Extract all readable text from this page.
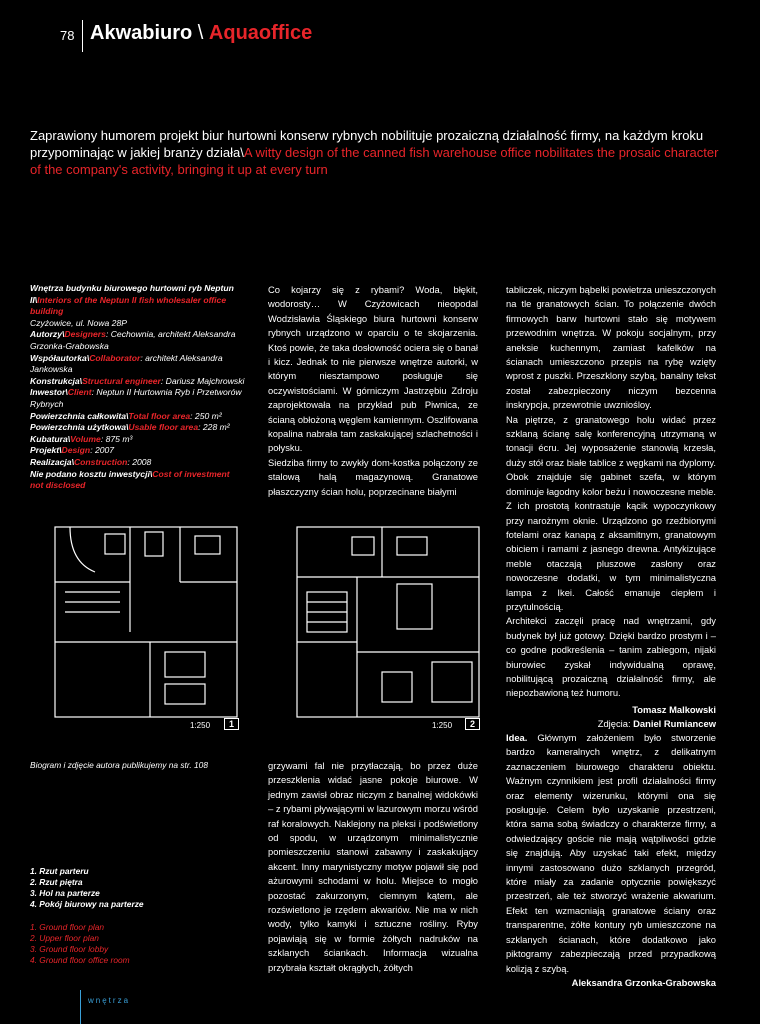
78 Akwabiuro \ Aquaoffice
Zaprawiony humorem projekt biur hurtowni konserw rybnych nobilituje prozaiczną działalność firmy, na każdym kroku przypominając w jakiej branży działa\A witty design of the canned fish warehouse office nobilitates the prosaic character of the company's activity, bringing it up at every turn
Wnętrza budynku biurowego hurtowni ryb Neptun II\Interiors of the Neptun II fish wholesaler office building
Czyżowice, ul. Nowa 28P
Autorzy\Designers: Cechownia, architekt Aleksandra Grzonka-Grabowska
Współautorka\Collaborator: architekt Aleksandra Jankowska
Konstrukcja\Structural engineer: Dariusz Majchrowski
Inwestor\Client: Neptun II Hurtownia Ryb i Przetworów Rybnych
Powierzchnia całkowita\Total floor area: 250 m²
Powierzchnia użytkowa\Usable floor area: 228 m²
Kubatura\Volume: 875 m³
Projekt\Design: 2007
Realizacja\Construction: 2008
Nie podano kosztu inwestycji\Cost of investment not disclosed

Co kojarzy się z rybami? Woda, błękit, wodorosty… W Czyżowicach nieopodal Wodzisławia Śląskiego biura hurtowni konserw rybnych urządzono w oparciu o te skojarzenia. Ktoś powie, że taka dosłowność ociera się o banał i kicz. Jednak to nie pierwsze wnętrze autorki, w którym niesztampowo posługuje się oczywistościami. W górniczym Jastrzębiu Zdroju zaprojektowała na przykład pub Piwnica, ze ścianą obłożoną węglem kamiennym. Oszlifowana kopalina nabrała tam zaskakującej szlachetności i połysku.

Siedziba firmy to zwykły dom-kostka połączony ze stalową halą magazynową. Granatowe płaszczyzny ścian holu, poprzecinane białymi

tabliczek, niczym bąbelki powietrza unieszczonych na tle granatowych ścian. To połączenie dwóch firmowych barw hurtowni stało się motywem przewodnim wnętrza. W pokoju socjalnym, przy aneksie kuchennym, zamiast kafelków na ścianach umieszczono przepis na rybę wzięty wprost z puszki. Przeszklony szybą, banalny tekst został zabezpieczony niczym bezcenna inskrypcja, przewrotnie uwzniośloy.

Na piętrze, z granatowego holu widać przez szklaną ścianę salę konferencyjną utrzymaną w tonacji écru. Jej wyposażenie stanowią krzesła, duży stół oraz białe tablice z węgkami na dyplomy. Obok znajduje się gabinet szefa, w którym dominuje łagodny kolor beżu i nowoczesne meble. Z ich prostotą kontrastuje kącik wypoczynkowy przy narożnym oknie. Urządzono go rzeźbionymi fotelami oraz kanapą z aksamitnym, granatowym obiciem i ramami z jasnego drewna. Antykizujące meble otaczają pluszowe zasłony oraz nowoczesne dodatki, w tym minimalistyczna lampa z Ikei. Całość emanuje ciepłem i przytulnością.

Architekci zaczęli pracę nad wnętrzami, gdy budynek był już gotowy. Dzięki bardzo prostym i – co godne podkreślenia – tanim zabiegom, nijaki biurowiec zyskał indywidualną oprawę, nobilitującą prozaiczną działalność firmy, ale niepozbawioną też humoru.

Tomasz Malkowski
Zdjęcia: Daniel Rumiancew
1:250	1	1:250	2

grzywami fal nie przytłaczają, bo przez duże przeszklenia widać jasne pokoje biurowe. W jednym zawisł obraz niczym z banalnej widokówki – z rybami pływającymi w lazurowym morzu wśród raf koralowych. Naklejony na pleksi i podświetlony od spodu, w urządzonym minimalistycznie pomieszczeniu stanowi zabawny i zaskakujący akcent. Inny marynistyczny motyw pojawił się pod ażurowymi schodami w holu. Miejsce to mogło pozostać zakurzonym, ciemnym kątem, ale rozświetlono je rzędem akwariów. Nie ma w nich wody, tylko kamyki i sztuczne rośliny. Ryby pojawiają się w formie żółtych nadruków na szklanych ściankach. Informacja wizualna przybrała kształt okrągłych, żółtych

Idea. Głównym założeniem było stworzenie bardzo kameralnych wnętrz, z delikatnym zaznaczeniem biurowego charakteru obiektu. Ważnym czynnikiem jest profil działalności firmy oraz elementy wizerunku, którymi ona się posługuje. Celem było uzyskanie przestrzeni, która sama sobą świadczy o charakterze firmy, a odwiedzający goście nie mają wątpliwości gdzie się znajdują. Aby uzyskać taki efekt, między innymi zastosowano dużo szklanych przegród, które miały za zadanie optycznie powiększyć przestrzeń, ale też stworzyć wrażenie akwarium. Efekt ten wzmacniają granatowe ściany oraz transparentne, żółte kontury ryb umieszczone na szklanych ścianach, które dodatkowo jako piktogramy zabezpieczają przed przypadkową kolizją z szybą.

Aleksandra Grzonka-Grabowska
Biogram i zdjęcie autora publikujemy na str. 108
1. Rzut parteru
2. Rzut piętra
3. Hol na parterze
4. Pokój biurowy na parterze
1. Ground floor plan
2. Upper floor plan
3. Ground floor lobby
4. Ground floor office room
wnętrza
